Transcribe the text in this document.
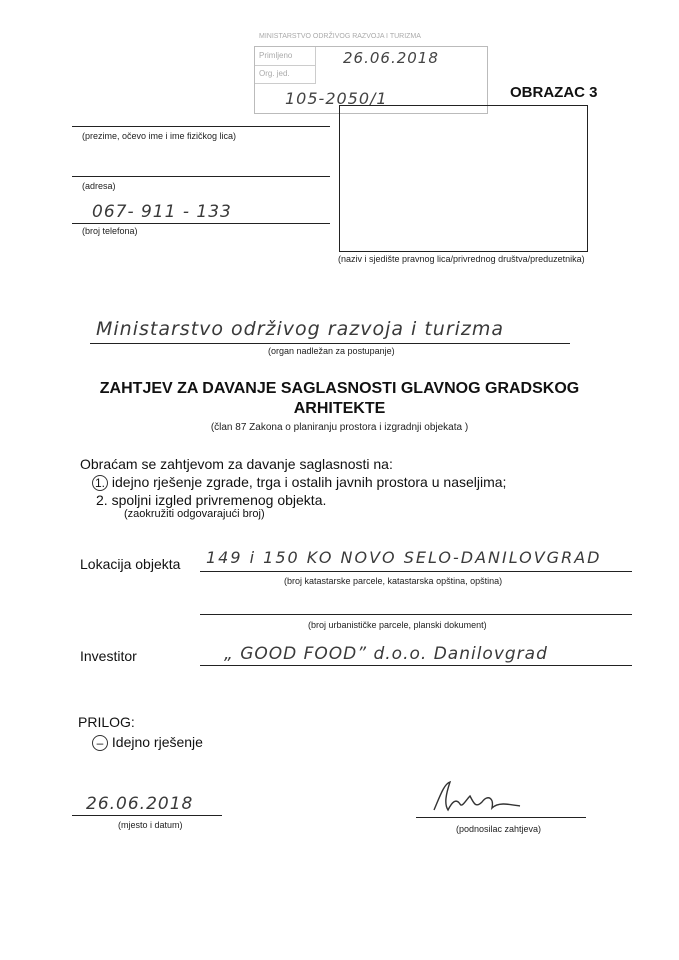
MINISTARSTVO ODRŽIVOG RAZVOJA I TURIZMA
Primljeno
Org. jed.
26.06.2018
105-2050/1	OBRAZAC 3
(prezime, očevo ime i ime fizičkog lica)
(adresa)
067- 911 - 133
(broj telefona)
(naziv i sjedište pravnog lica/privrednog društva/preduzetnika)
Ministarstvo održivog razvoja i turizma
(organ nadležan za postupanje)
ZAHTJEV ZA DAVANJE SAGLASNOSTI GLAVNOG GRADSKOG
ARHITEKTE
(član 87 Zakona o planiranju prostora i izgradnji objekata )
Obraćam se zahtjevom za davanje saglasnosti na:
1. idejno rješenje zgrade, trga i ostalih javnih prostora u naseljima;
2. spoljni izgled privremenog objekta.
(zaokružiti odgovarajući broj)
Lokacija objekta 149 i 150 KO NOVO SELO-DANILOVGRAD
(broj katastarske parcele, katastarska opština, opština)
(broj urbanističke parcele, planski dokument)
Investitor	„ GOOD FOOD” d.o.o. Danilovgrad
PRILOG:
– Idejno rješenje
26.06.2018
(mjesto i datum)	(podnosilac zahtjeva)
